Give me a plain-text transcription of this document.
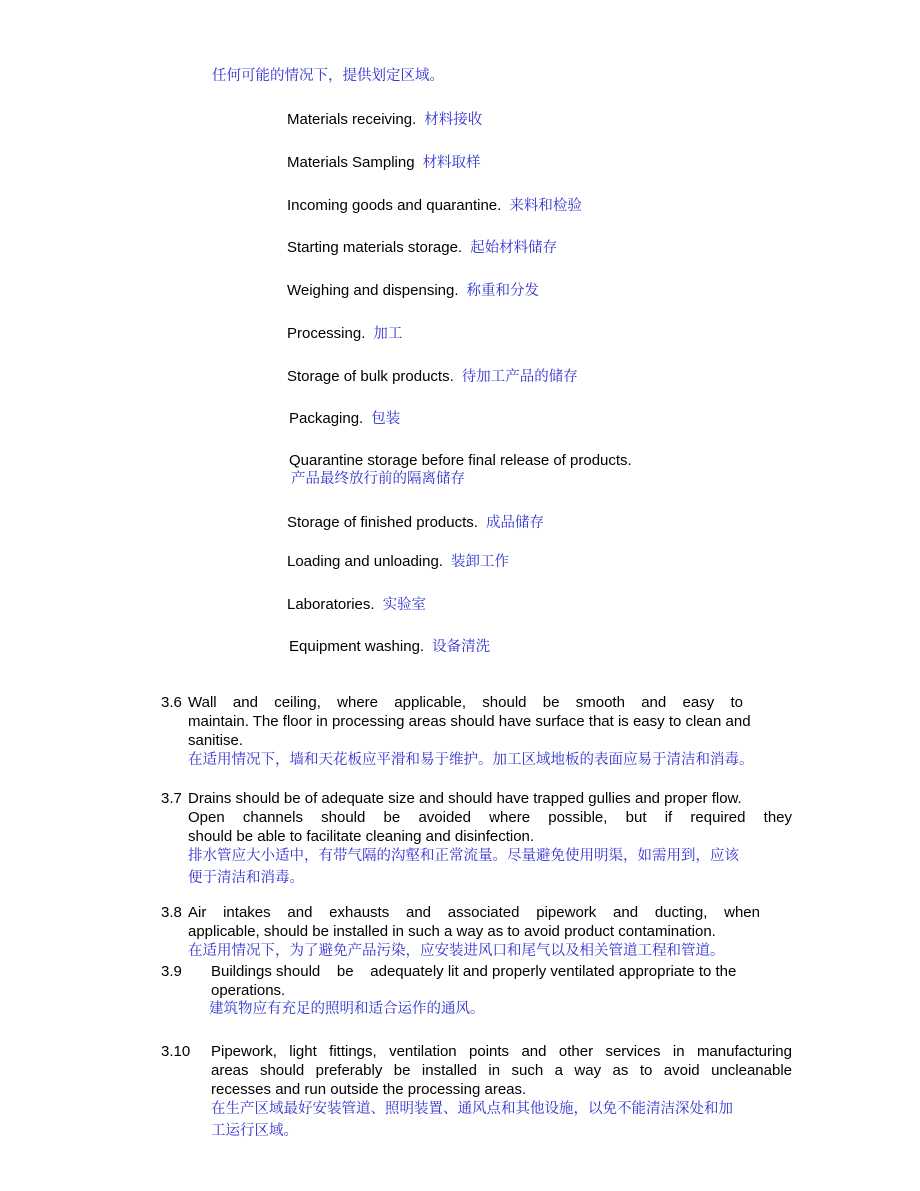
任何可能的情况下，提供划定区域。
Materials receiving. 材料接收
Materials Sampling 材料取样
Incoming goods and quarantine. 来料和检验
Starting materials storage. 起始材料储存
Weighing and dispensing. 称重和分发
Processing. 加工
Storage of bulk products. 待加工产品的储存
Packaging. 包装
Quarantine storage before final release of products.
产品最终放行前的隔离储存
Storage of finished products. 成品储存
Loading and unloading. 装卸工作
Laboratories. 实验室
Equipment washing. 设备清洗
3.6 Wall and ceiling, where applicable, should be smooth and easy to
maintain. The floor in processing areas should have surface that is easy to clean and
sanitise.
在适用情况下，墙和天花板应平滑和易于维护。加工区域地板的表面应易于清洁和消毒。
3.7 Drains should be of adequate size and should have trapped gullies and proper flow.
Open channels should be avoided where possible, but if required they
should be able to facilitate cleaning and disinfection.
排水管应大小适中，有带气隔的沟壑和正常流量。尽量避免使用明渠，如需用到，应该
便于清洁和消毒。
3.8 Air intakes and exhausts and associated pipework and ducting, when
applicable, should be installed in such a way as to avoid product contamination.
在适用情况下，为了避免产品污染，应安装进风口和尾气以及相关管道工程和管道。
3.9 Buildings should    be    adequately lit and properly ventilated appropriate to the
operations.
建筑物应有充足的照明和适合运作的通风。
3.10 Pipework, light fittings, ventilation points and other services in manufacturing
areas should preferably be installed in such a way as to avoid uncleanable
recesses and run outside the processing areas.
在生产区域最好安装管道、照明装置、通风点和其他设施，以免不能清洁深处和加
工运行区域。
